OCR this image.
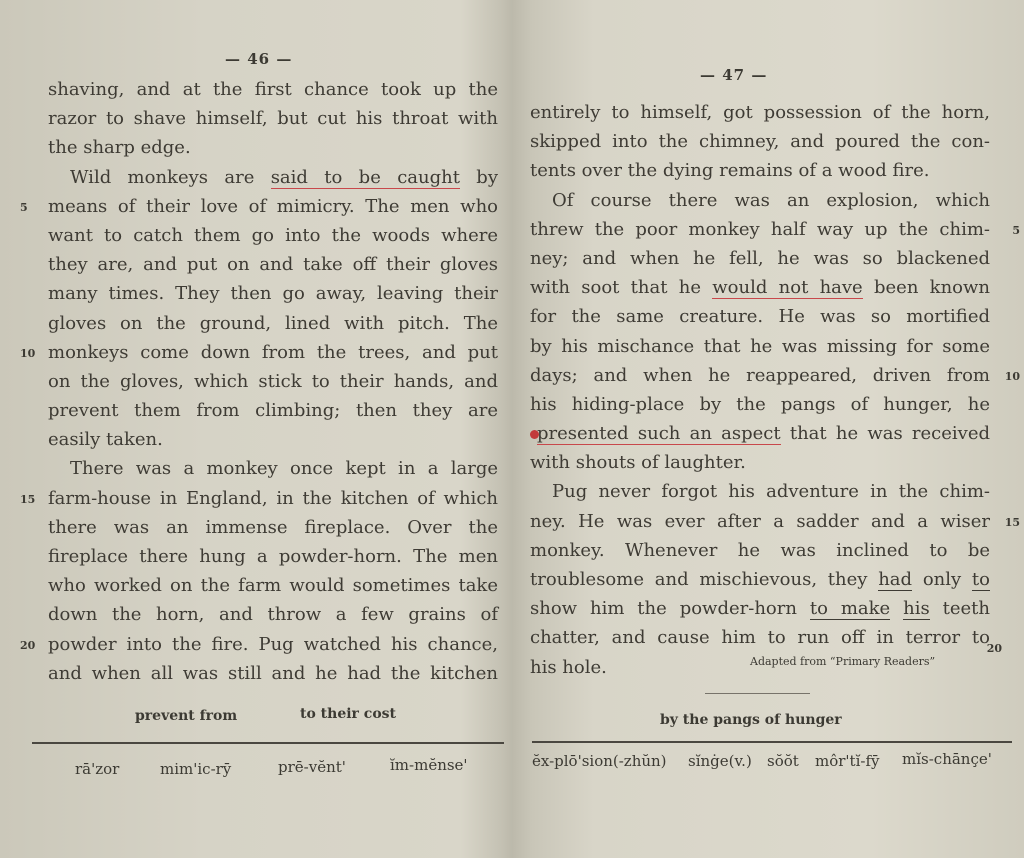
— 46 —
shaving, and at the first chance took up the
razor to shave himself, but cut his throat with
the sharp edge.
Wild monkeys are said to be caught by
5 means of their love of mimicry. The men who
want to catch them go into the woods where
they are, and put on and take off their gloves
many times. They then go away, leaving their
gloves on the ground, lined with pitch. The
10 monkeys come down from the trees, and put
on the gloves, which stick to their hands, and
prevent them from climbing; then they are
easily taken.
There was a monkey once kept in a large
15 farm-house in England, in the kitchen of which
there was an immense fireplace. Over the
fireplace there hung a powder-horn. The men
who worked on the farm would sometimes take
down the horn, and throw a few grains of
20 powder into the fire. Pug watched his chance,
and when all was still and he had the kitchen
prevent from	to their cost
rā'zor	mim'ic-rȳ	prē-vĕnt'	ĭm-mĕnse'
— 47 —
entirely to himself, got possession of the horn,
skipped into the chimney, and poured the con-
tents over the dying remains of a wood fire.
Of course there was an explosion, which
5
threw the poor monkey half way up the chim-
ney; and when he fell, he was so blackened
with soot that he would not have been known
for the same creature. He was so mortified
by his mischance that he was missing for some
10
days; and when he reappeared, driven from
his hiding-place by the pangs of hunger, he
presented such an aspect that he was received
with shouts of laughter.
Pug never forgot his adventure in the chim-
15
ney. He was ever after a sadder and a wiser
monkey. Whenever he was inclined to be
troublesome and mischievous, they had only to
show him the powder-horn to make his teeth
chatter, and cause him to run off in terror to
his hole.
20
Adapted from “Primary Readers”
by the pangs of hunger
ĕx-plō'sion(-zhŭn) sĭnġe(v.) sŏŏt môr'tĭ-fȳ mĭs-chānçe'
